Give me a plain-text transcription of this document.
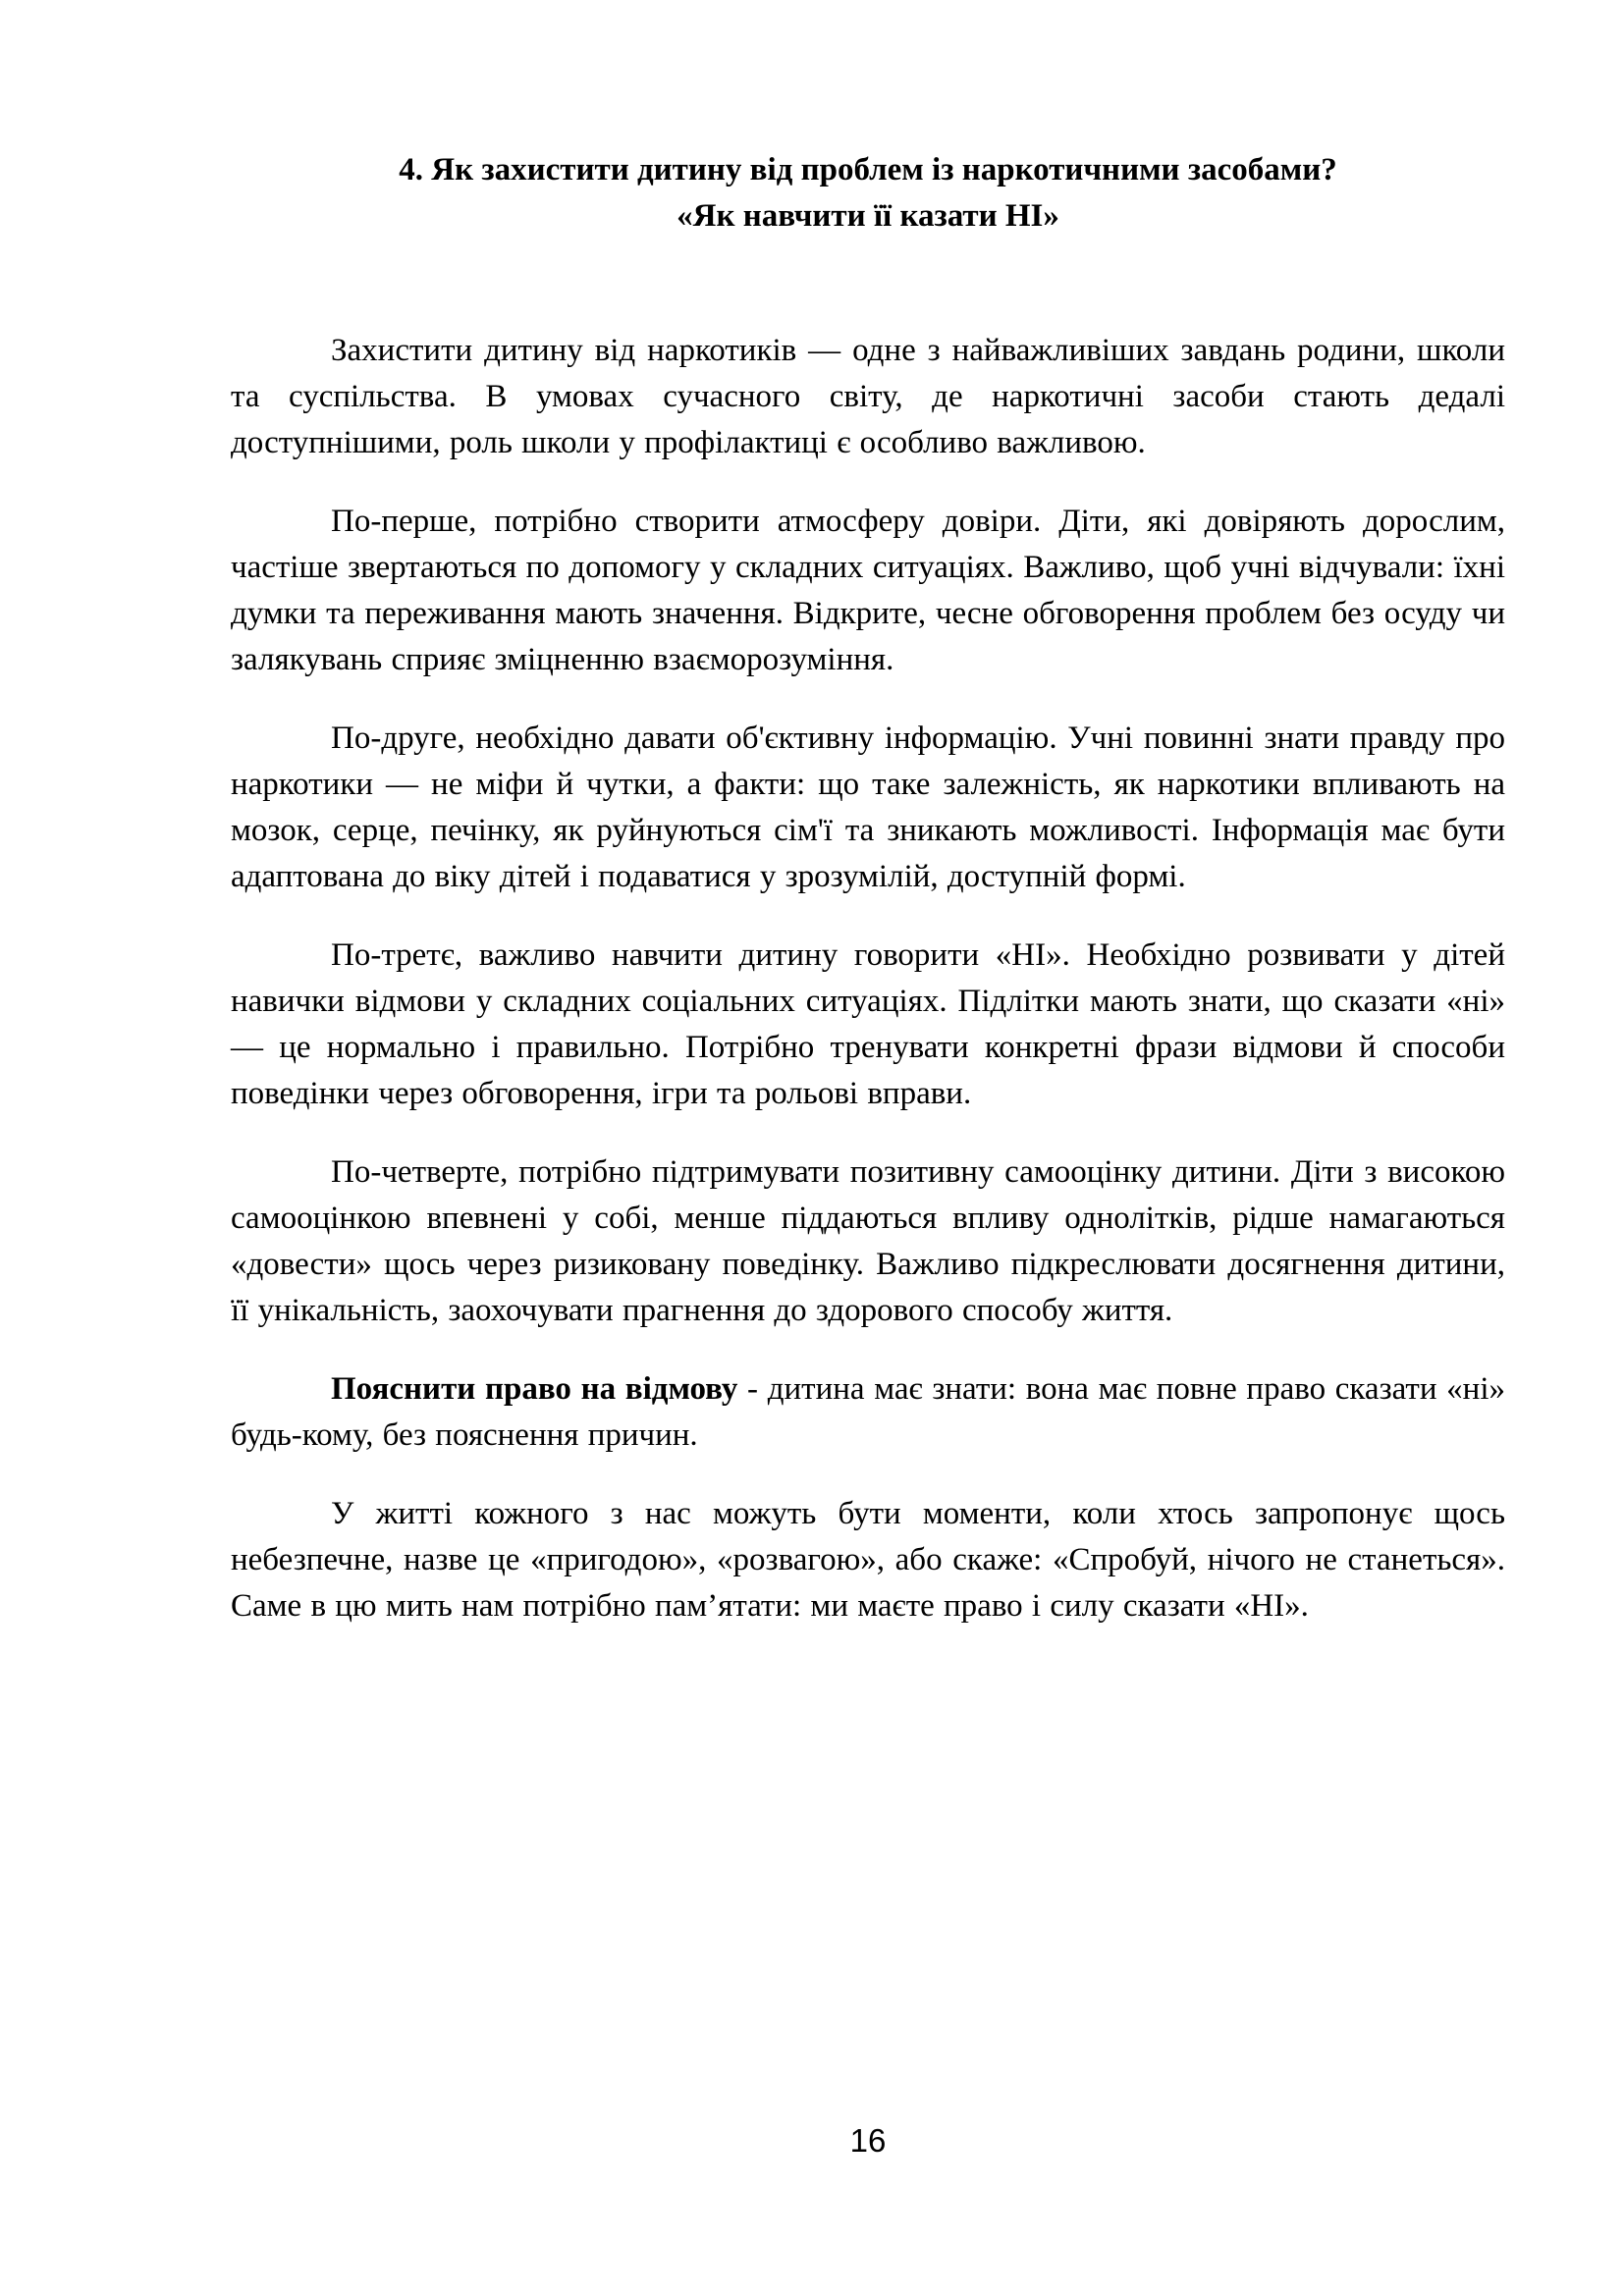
4. Як захистити дитину від проблем із наркотичними засобами?
«Як навчити її казати НІ»

Захистити дитину від наркотиків — одне з найважливіших завдань родини, школи та суспільства. В умовах сучасного світу, де наркотичні засоби стають дедалі доступнішими, роль школи у профілактиці є особливо важливою.

По-перше, потрібно створити атмосферу довіри. Діти, які довіряють дорослим, частіше звертаються по допомогу у складних ситуаціях. Важливо, щоб учні відчували: їхні думки та переживання мають значення. Відкрите, чесне обговорення проблем без осуду чи залякувань сприяє зміцненню взаєморозуміння.

По-друге, необхідно давати об'єктивну інформацію. Учні повинні знати правду про наркотики — не міфи й чутки, а факти: що таке залежність, як наркотики впливають на мозок, серце, печінку, як руйнуються сім'ї та зникають можливості. Інформація має бути адаптована до віку дітей і подаватися у зрозумілій, доступній формі.

По-третє, важливо навчити дитину говорити «НІ». Необхідно розвивати у дітей навички відмови у складних соціальних ситуаціях. Підлітки мають знати, що сказати «ні» — це нормально і правильно. Потрібно тренувати конкретні фрази відмови й способи поведінки через обговорення, ігри та рольові вправи.

По-четверте, потрібно підтримувати позитивну самооцінку дитини. Діти з високою самооцінкою впевнені у собі, менше піддаються впливу однолітків, рідше намагаються «довести» щось через ризиковану поведінку. Важливо підкреслювати досягнення дитини, її унікальність, заохочувати прагнення до здорового способу життя.

Пояснити право на відмову - дитина має знати: вона має повне право сказати «ні» будь-кому, без пояснення причин.

У житті кожного з нас можуть бути моменти, коли хтось запропонує щось небезпечне, назве це «пригодою», «розвагою», або скаже: «Спробуй, нічого не станеться». Саме в цю мить нам потрібно пам’ятати: ми маєте право і силу сказати «НІ».

16
